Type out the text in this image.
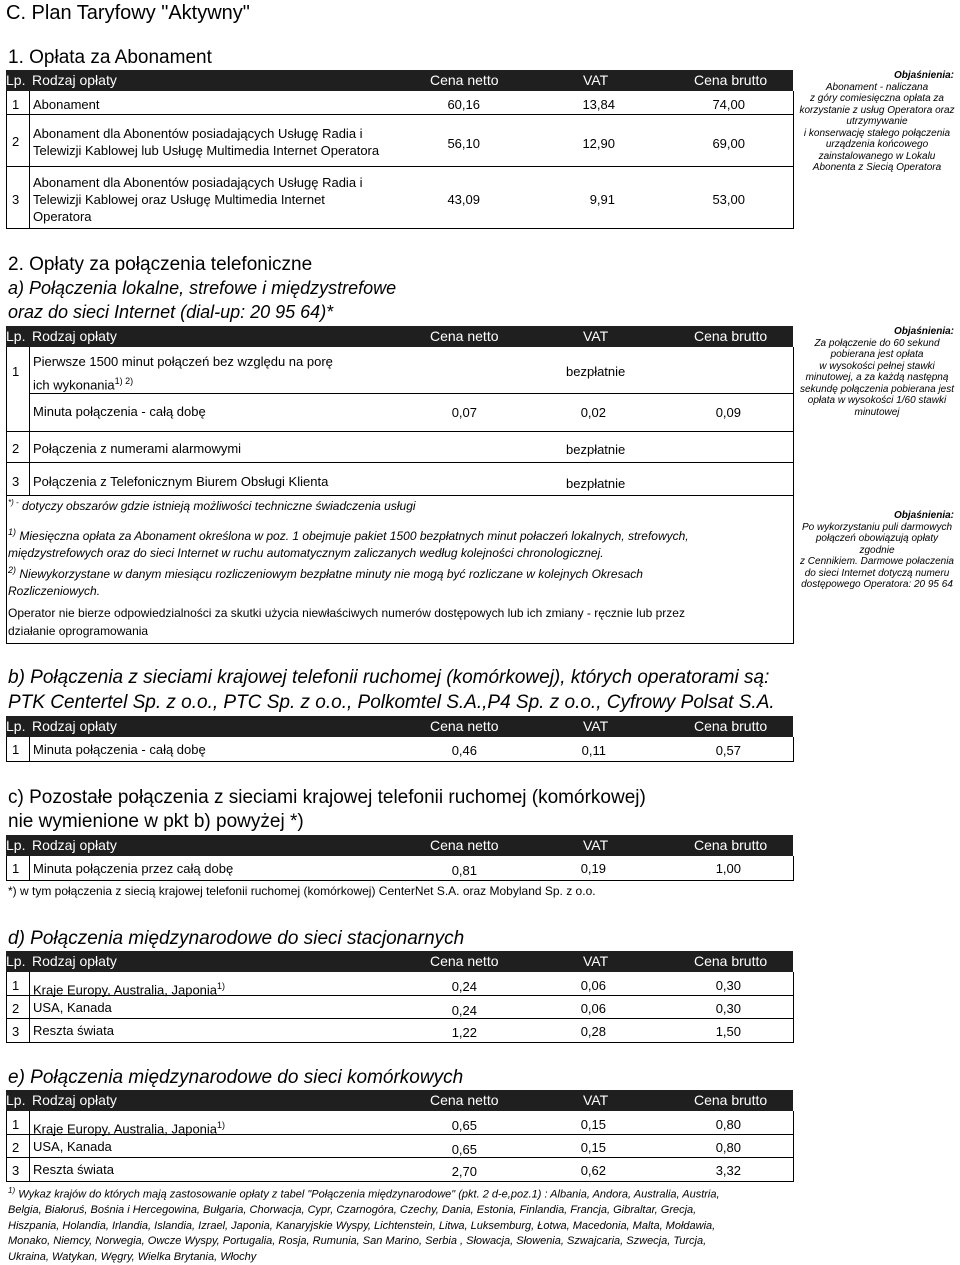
C. Plan Taryfowy "Aktywny"
1. Opłata za Abonament
Lp. Rodzaj opłaty	Cena netto	VAT	Cena brutto
1 Abonament	60,16	13,84	74,00
2
Abonament dla Abonentów posiadających Usługę Radia i
Telewizji Kablowej lub Usługę Multimedia Internet Operatora	56,10	12,90	69,00
3
Abonament dla Abonentów posiadających Usługę Radia i
Telewizji Kablowej oraz Usługę Multimedia Internet
Operatora
43,09	9,91	53,00
Objaśnienia:
Abonament - naliczana
z góry comiesięczna opłata za
korzystanie z usług Operatora oraz
utrzymywanie
i konserwację stałego połączenia
urządzenia końcowego
zainstalowanego w Lokalu
Abonenta z Siecią Operatora
2. Opłaty za połączenia telefoniczne
a) Połączenia lokalne, strefowe i międzystrefowe
oraz do sieci Internet (dial-up: 20 95 64)*
Lp. Rodzaj opłaty	Cena netto	VAT	Cena brutto
1
Pierwsze 1500 minut połączeń bez względu na porę
ich wykonania$^{1) 2)}$
bezpłatnie
Minuta połączenia - całą dobę	0,07	0,02	0,09
2 Połączenia z numerami alarmowymi	bezpłatnie
3 Połączenia z Telefonicznym Biurem Obsługi Klienta	bezpłatnie
*) - dotyczy obszarów gdzie istnieją możliwości techniczne świadczenia usługi
$^{1)}$ Miesięczna opłata za Abonament określona w poz. 1 obejmuje pakiet 1500 bezpłatnych minut połaczeń lokalnych, strefowych,
międzystrefowych oraz do sieci Internet w ruchu automatycznym zaliczanych według kolejności chronologicznej.
$^{2)}$ Niewykorzystane w danym miesiącu rozliczeniowym bezpłatne minuty nie mogą być rozliczane w kolejnych Okresach
Rozliczeniowych.
Operator nie bierze odpowiedzialności za skutki użycia niewłaściwych numerów dostępowych lub ich zmiany - ręcznie lub przez
działanie oprogramowania
Objaśnienia:
Za połączenie do 60 sekund
pobierana jest opłata
w wysokości pełnej stawki
minutowej, a za każdą następną
sekundę połączenia pobierana jest
opłata w wysokości 1/60 stawki
minutowej
Objaśnienia:
Po wykorzystaniu puli darmowych
połączeń obowiązują opłaty
zgodnie
z Cennikiem. Darmowe połaczenia
do sieci Internet dotyczą numeru
dostępowego Operatora: 20 95 64
b) Połączenia z sieciami krajowej telefonii ruchomej (komórkowej), których operatorami są:
PTK Centertel Sp. z o.o., PTC Sp. z o.o., Polkomtel S.A.,P4 Sp. z o.o., Cyfrowy Polsat S.A.
Lp. Rodzaj opłaty	Cena netto	VAT	Cena brutto
1 Minuta połączenia - całą dobę	0,46	0,11	0,57
c) Pozostałe połączenia z sieciami krajowej telefonii ruchomej (komórkowej)
nie wymienione w pkt b) powyżej *)
Lp. Rodzaj opłaty	Cena netto	VAT	Cena brutto
1 Minuta połączenia przez całą dobę	0,81	0,19	1,00
*) w tym połączenia z siecią krajowej telefonii ruchomej (komórkowej) CenterNet S.A. oraz Mobyland Sp. z o.o.
d) Połączenia międzynarodowe do sieci stacjonarnych
Lp. Rodzaj opłaty	Cena netto	VAT	Cena brutto
1 Kraje Europy, Australia, Japonia$^{1)}$	0,24	0,06	0,30
2 USA, Kanada	0,24	0,06	0,30
3 Reszta świata	1,22	0,28	1,50
e) Połączenia międzynarodowe do sieci komórkowych
Lp. Rodzaj opłaty	Cena netto	VAT	Cena brutto
1 Kraje Europy, Australia, Japonia$^{1)}$	0,65	0,15	0,80
2 USA, Kanada	0,65	0,15	0,80
3 Reszta świata	2,70	0,62	3,32
$^{1)}$ Wykaz krajów do których mają zastosowanie opłaty z tabel "Połączenia międzynarodowe" (pkt. 2 d-e,poz.1) : Albania, Andora, Australia, Austria,
Belgia, Białoruś, Bośnia i Hercegowina, Bułgaria, Chorwacja, Cypr, Czarnogóra, Czechy, Dania, Estonia, Finlandia, Francja, Gibraltar, Grecja,
Hiszpania, Holandia, Irlandia, Islandia, Izrael, Japonia, Kanaryjskie Wyspy, Lichtenstein, Litwa, Luksemburg, Łotwa, Macedonia, Malta, Mołdawia,
Monako, Niemcy, Norwegia, Owcze Wyspy, Portugalia, Rosja, Rumunia, San Marino, Serbia , Słowacja, Słowenia, Szwajcaria, Szwecja, Turcja,
Ukraina, Watykan, Węgry, Wielka Brytania, Włochy
